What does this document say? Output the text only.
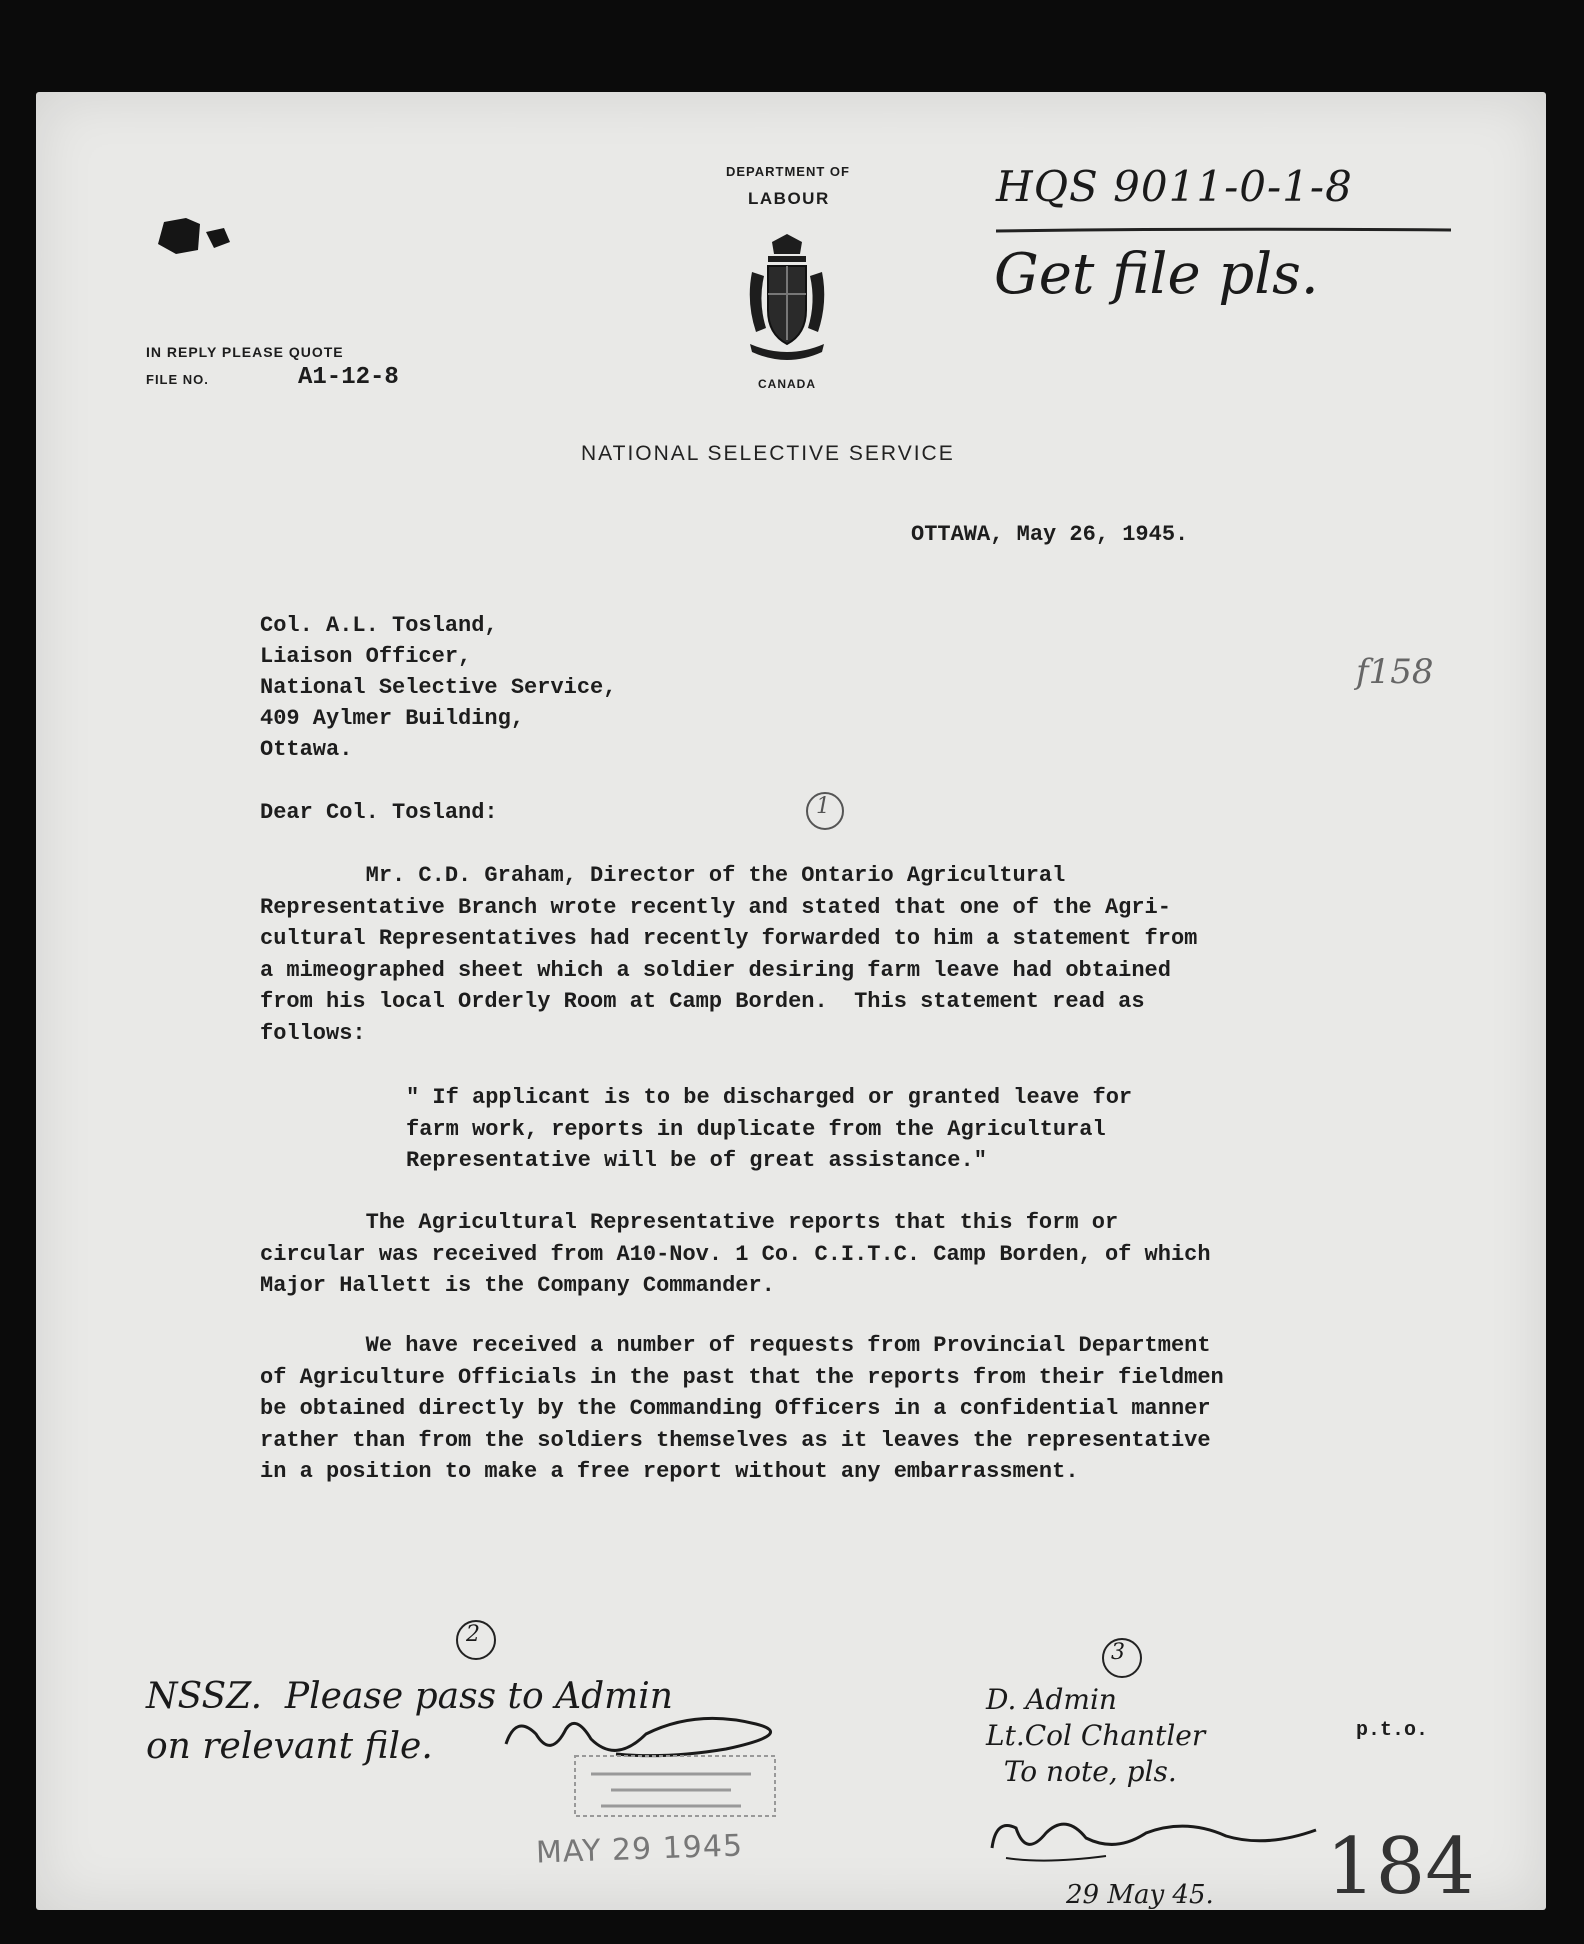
DEPARTMENT OF
LABOUR
CANADA
IN REPLY PLEASE QUOTE
FILE NO.	A1-12-8
NATIONAL SELECTIVE SERVICE
HQS 9011-0-1-8
Get file pls.
OTTAWA, May 26, 1945.
Col. A.L. Tosland,
Liaison Officer,
National Selective Service,
409 Aylmer Building,
Ottawa.
f158
Dear Col. Tosland:	1
Mr. C.D. Graham, Director of the Ontario Agricultural
Representative Branch wrote recently and stated that one of the Agri-
cultural Representatives had recently forwarded to him a statement from
a mimeographed sheet which a soldier desiring farm leave had obtained
from his local Orderly Room at Camp Borden.  This statement read as
follows:
" If applicant is to be discharged or granted leave for
farm work, reports in duplicate from the Agricultural
Representative will be of great assistance."
The Agricultural Representative reports that this form or
circular was received from A10-Nov. 1 Co. C.I.T.C. Camp Borden, of which
Major Hallett is the Company Commander.
We have received a number of requests from Provincial Department
of Agriculture Officials in the past that the reports from their fieldmen
be obtained directly by the Commanding Officers in a confidential manner
rather than from the soldiers themselves as it leaves the representative
in a position to make a free report without any embarrassment.
2
3
NSSZ.  Please pass to Admin
on relevant file.
D. Admin
Lt.Col Chantler
To note, pls.
29 May 45.
p.t.o.
184
MAY 29 1945
